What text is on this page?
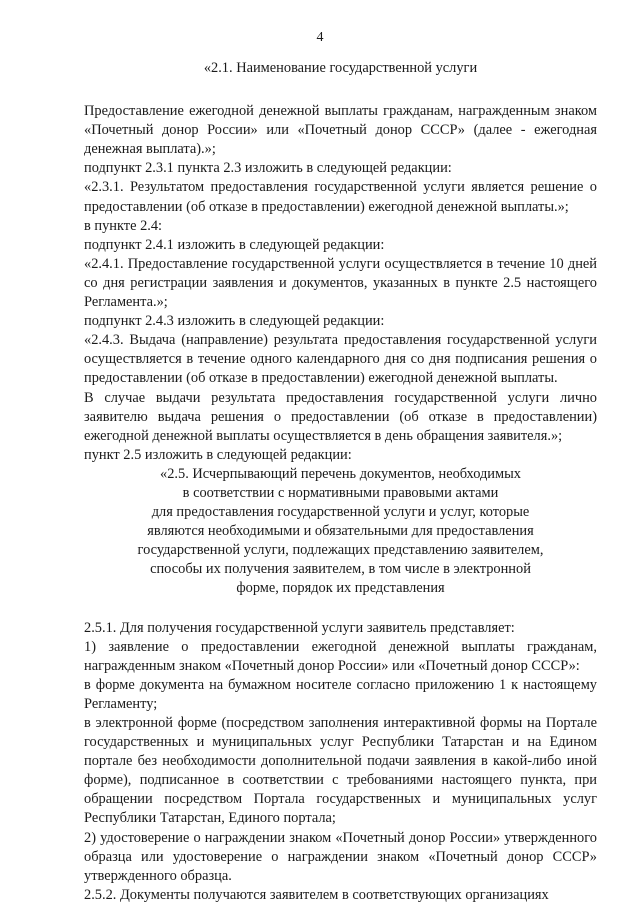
4

«2.1. Наименование государственной услуги

Предоставление ежегодной денежной выплаты гражданам, награжденным знаком «Почетный донор России» или «Почетный донор СССР» (далее - ежегодная денежная выплата).»;

подпункт 2.3.1 пункта 2.3 изложить в следующей редакции:

«2.3.1. Результатом предоставления государственной услуги является решение о предоставлении (об отказе в предоставлении) ежегодной денежной выплаты.»;

в пункте 2.4:

подпункт 2.4.1 изложить в следующей редакции:

«2.4.1. Предоставление государственной услуги осуществляется в течение 10 дней со дня регистрации заявления и документов, указанных в пункте 2.5 настоящего Регламента.»;

подпункт 2.4.3 изложить в следующей редакции:

«2.4.3. Выдача (направление) результата предоставления государственной услуги осуществляется в течение одного календарного дня со дня подписания решения о предоставлении (об отказе в предоставлении) ежегодной денежной выплаты.

В случае выдачи результата предоставления государственной услуги лично заявителю выдача решения о предоставлении (об отказе в предоставлении) ежегодной денежной выплаты осуществляется в день обращения заявителя.»;

пункт 2.5 изложить в следующей редакции:

«2.5. Исчерпывающий перечень документов, необходимых
в соответствии с нормативными правовыми актами
для предоставления государственной услуги и услуг, которые
являются необходимыми и обязательными для предоставления
государственной услуги, подлежащих представлению заявителем,
способы их получения заявителем, в том числе в электронной
форме, порядок их представления

2.5.1. Для получения государственной услуги заявитель представляет:

1) заявление о предоставлении ежегодной денежной выплаты гражданам, награжденным знаком «Почетный донор России» или «Почетный донор СССР»:

в форме документа на бумажном носителе согласно приложению 1 к настоящему Регламенту;

в электронной форме (посредством заполнения интерактивной формы на Портале государственных и муниципальных услуг Республики Татарстан и на Едином портале без необходимости дополнительной подачи заявления в какой-либо иной форме), подписанное в соответствии с требованиями настоящего пункта, при обращении посредством Портала государственных и муниципальных услуг Республики Татарстан, Единого портала;

2) удостоверение о награждении знаком «Почетный донор России» утвержденного образца или удостоверение о награждении знаком «Почетный донор СССР» утвержденного образца.

2.5.2. Документы получаются заявителем в соответствующих организациях
